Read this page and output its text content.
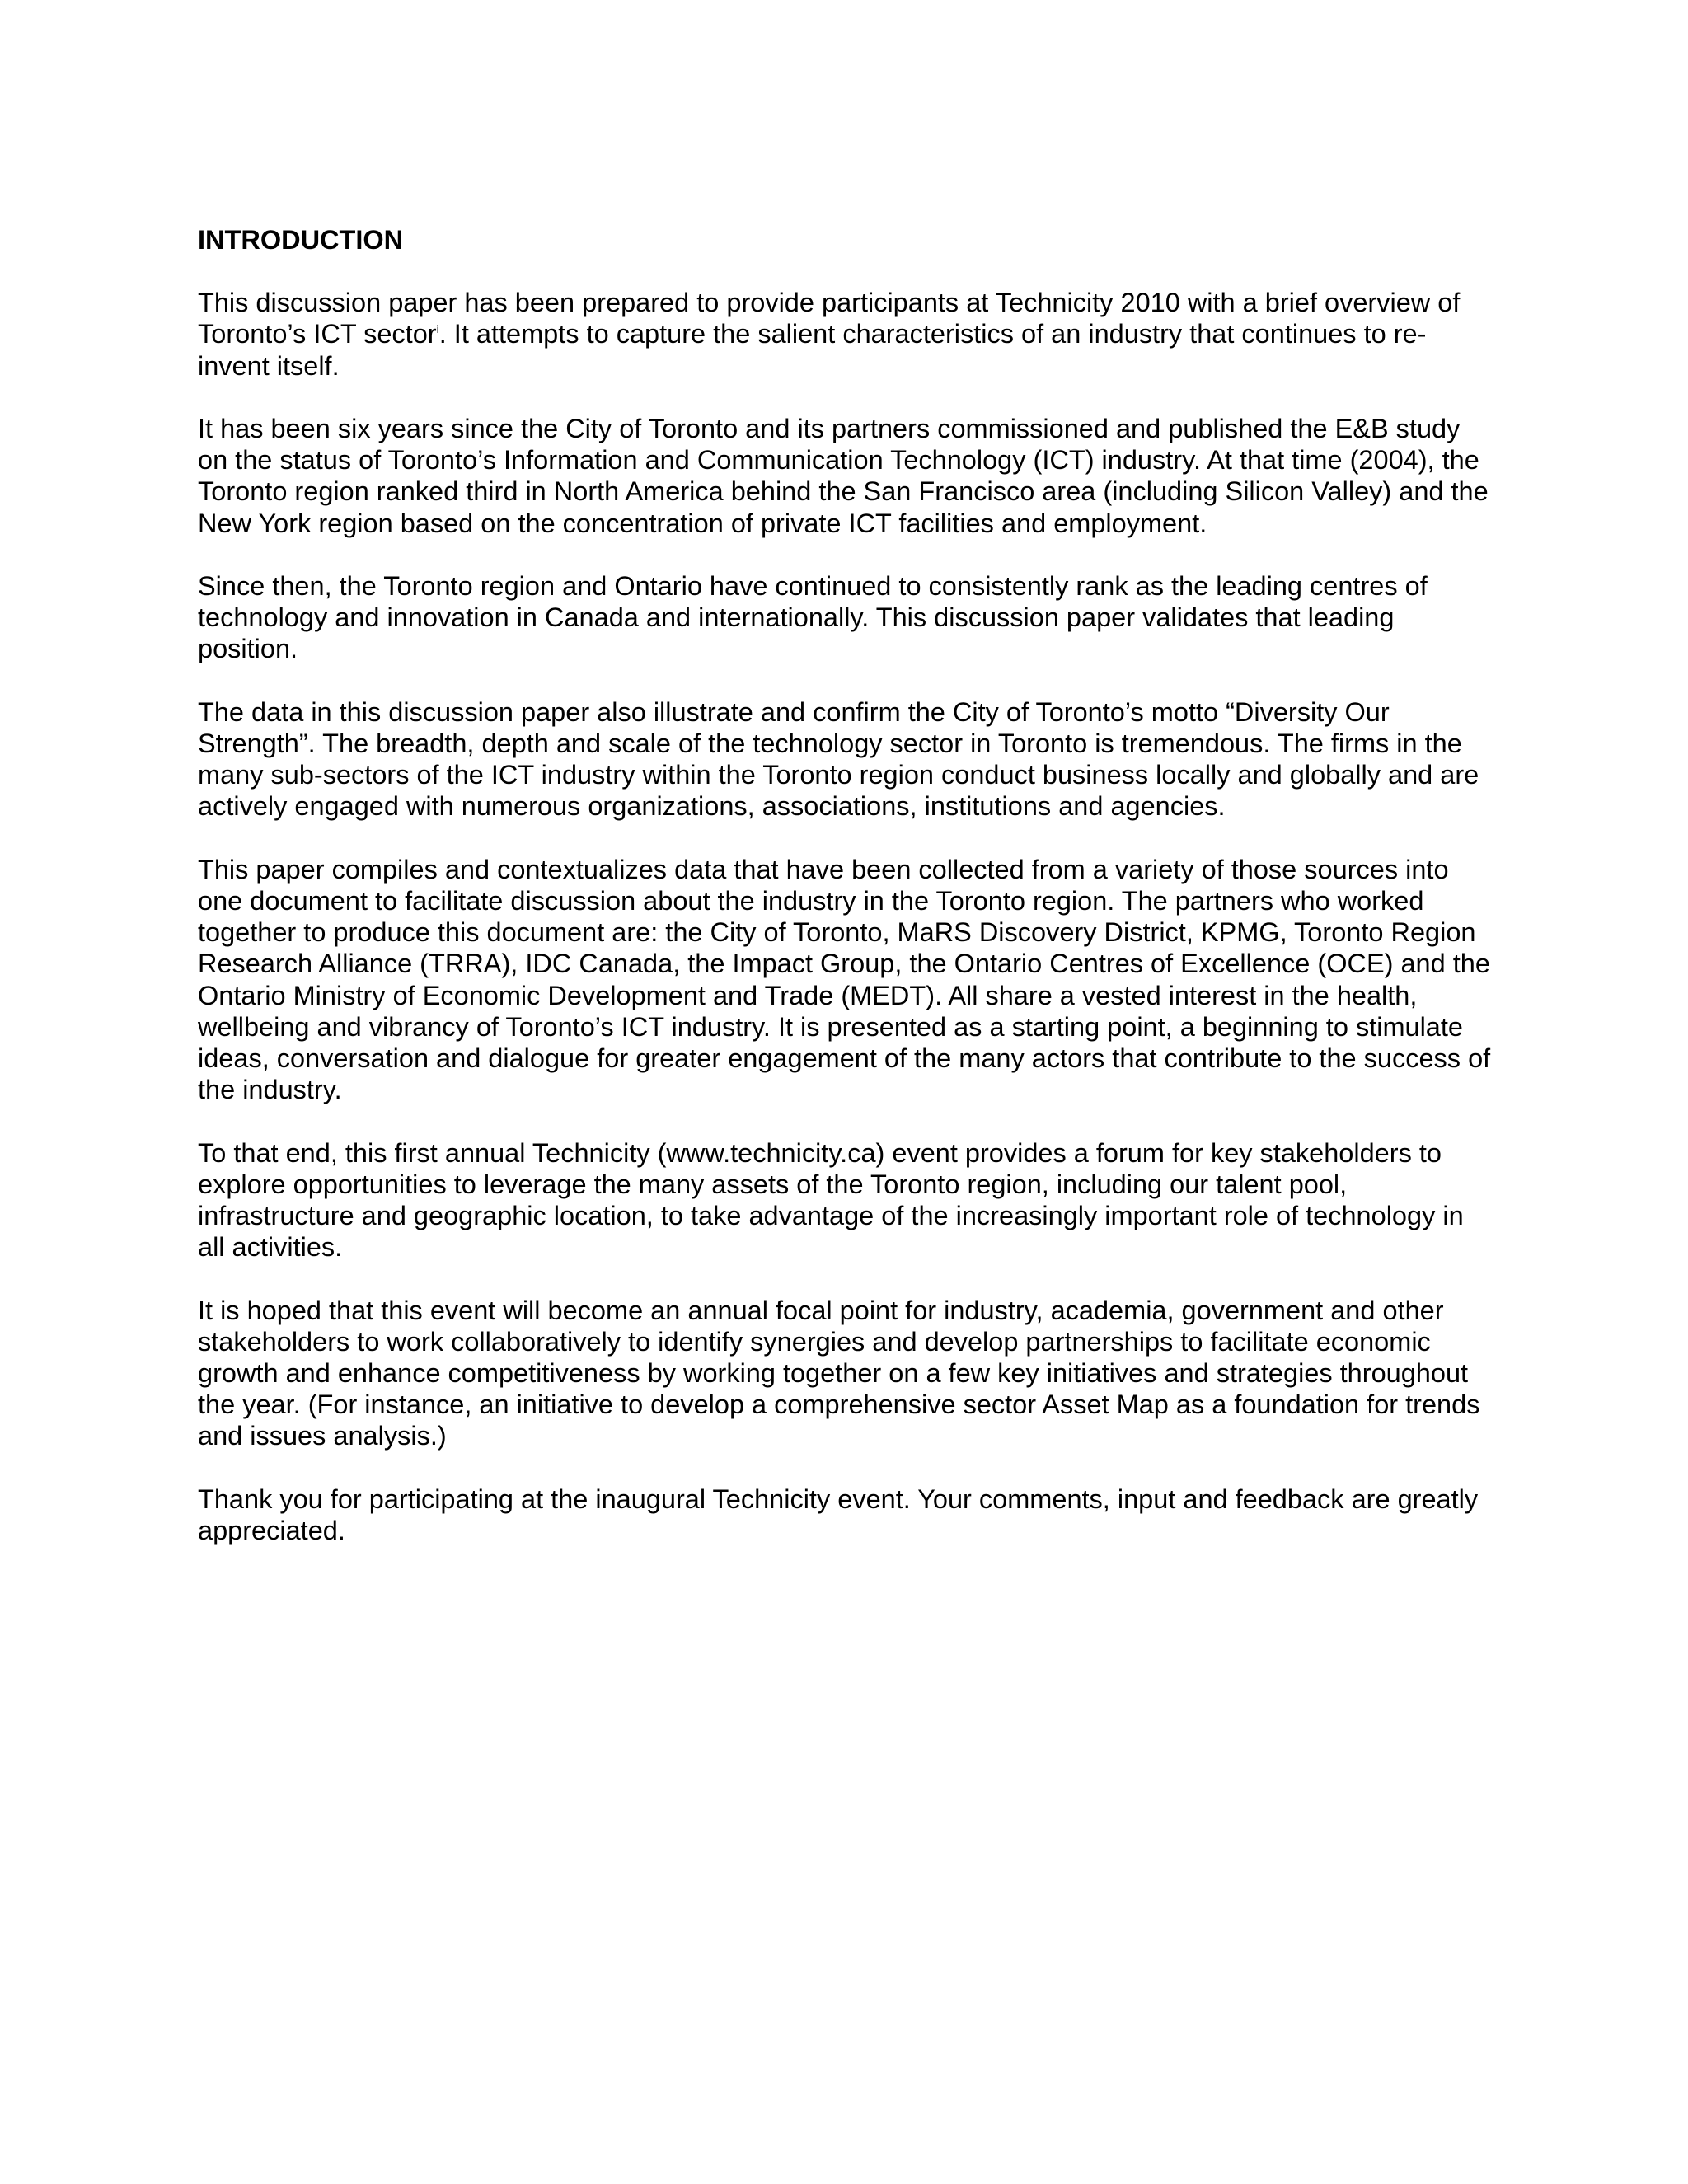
INTRODUCTION

This discussion paper has been prepared to provide participants at Technicity 2010 with a brief overview of Toronto’s ICT sector$^i$. It attempts to capture the salient characteristics of an industry that continues to re-invent itself.

It has been six years since the City of Toronto and its partners commissioned and published the E&B study on the status of Toronto’s Information and Communication Technology (ICT) industry. At that time (2004), the Toronto region ranked third in North America behind the San Francisco area (including Silicon Valley) and the New York region based on the concentration of private ICT facilities and employment.

Since then, the Toronto region and Ontario have continued to consistently rank as the leading centres of technology and innovation in Canada and internationally. This discussion paper validates that leading position.

The data in this discussion paper also illustrate and confirm the City of Toronto’s motto “Diversity Our Strength”. The breadth, depth and scale of the technology sector in Toronto is tremendous. The firms in the many sub-sectors of the ICT industry within the Toronto region conduct business locally and globally and are actively engaged with numerous organizations, associations, institutions and agencies.

This paper compiles and contextualizes data that have been collected from a variety of those sources into one document to facilitate discussion about the industry in the Toronto region. The partners who worked together to produce this document are: the City of Toronto, MaRS Discovery District, KPMG, Toronto Region Research Alliance (TRRA), IDC Canada, the Impact Group, the Ontario Centres of Excellence (OCE) and the Ontario Ministry of Economic Development and Trade (MEDT). All share a vested interest in the health, wellbeing and vibrancy of Toronto’s ICT industry. It is presented as a starting point, a beginning to stimulate ideas, conversation and dialogue for greater engagement of the many actors that contribute to the success of the industry.

To that end, this first annual Technicity (www.technicity.ca) event provides a forum for key stakeholders to explore opportunities to leverage the many assets of the Toronto region, including our talent pool, infrastructure and geographic location, to take advantage of the increasingly important role of technology in all activities.

It is hoped that this event will become an annual focal point for industry, academia, government and other stakeholders to work collaboratively to identify synergies and develop partnerships to facilitate economic growth and enhance competitiveness by working together on a few key initiatives and strategies throughout the year. (For instance, an initiative to develop a comprehensive sector Asset Map as a foundation for trends and issues analysis.)

Thank you for participating at the inaugural Technicity event. Your comments, input and feedback are greatly appreciated.
